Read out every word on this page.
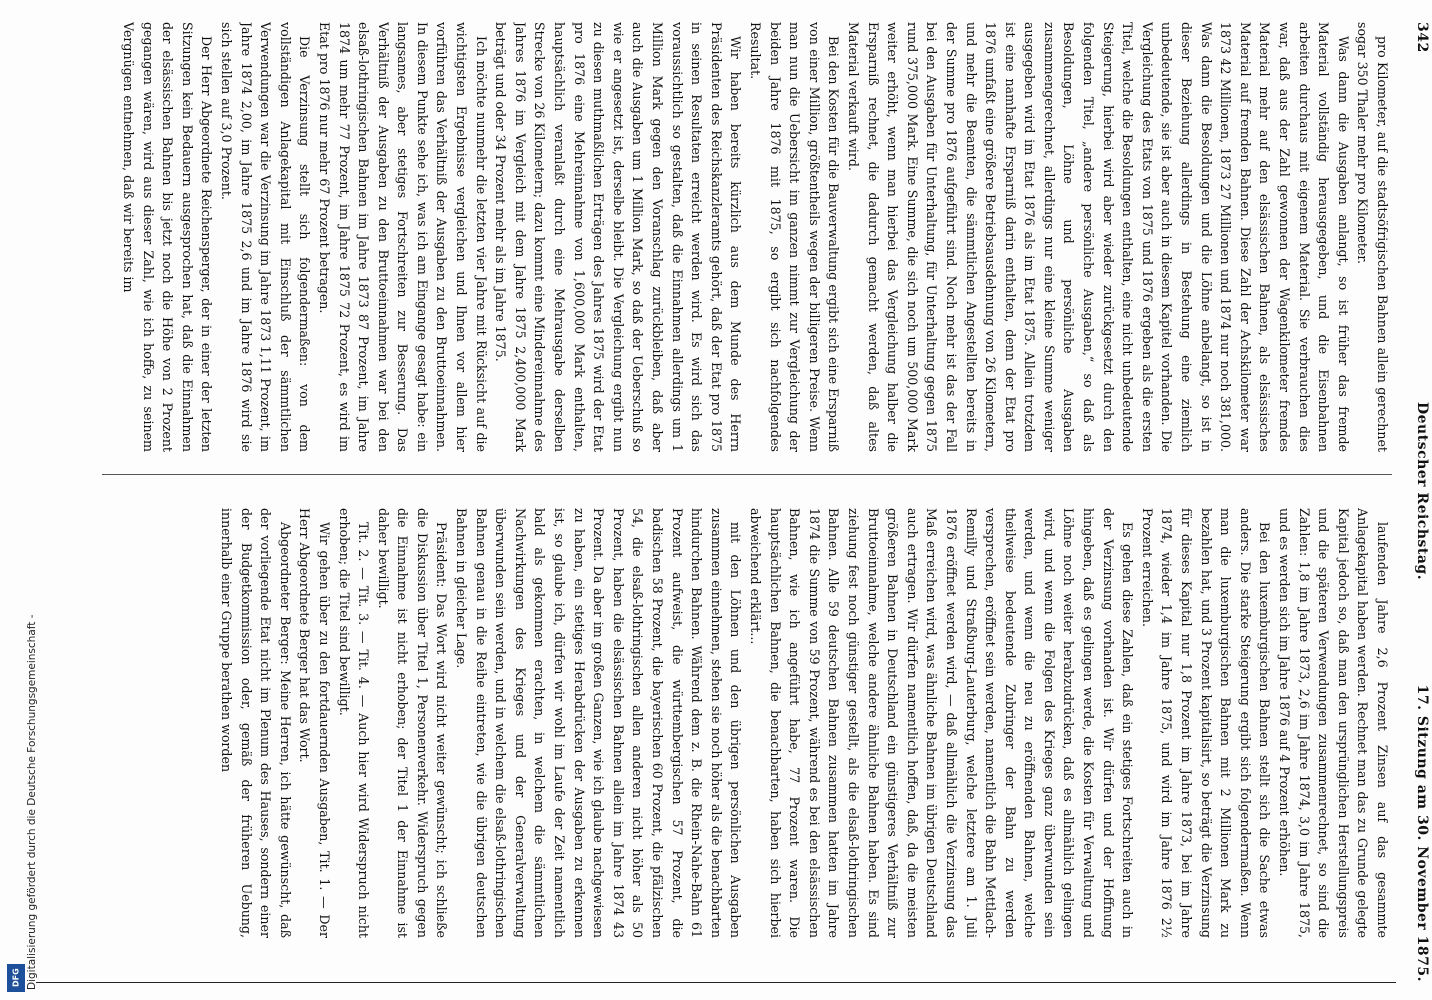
Digitalisierung gefördert durch die Deutsche Forschungsgemeinschaft -
DFG
342
Deutscher Reichstag.
17. Sitzung am 30. November 1875.

pro Kilometer, auf die stadtsöfrigischen Bahnen allein gerechnet sogar 350 Thaler mehr pro Kilometer.

Was dann die Ausgaben anlangt, so ist früher das fremde Material vollständig herausgegeben, und die Eisenbahnen arbeiten durchaus mit eigenem Material. Sie verbrauchen dies war, daß aus der Zahl gewonnen der Wagenkilometer fremdes Material mehr auf den elsässischen Bahnen, als elsässisches Material auf fremden Bahnen. Diese Zahl der Achskilometer war 1873 42 Millionen, 1873 27 Millionen und 1874 nur noch 381,000. Was dann die Besoldungen und die Löhne anbelangt, so ist in dieser Beziehung allerdings in Bestehung eine ziemlich unbedeutende, sie ist aber auch in diesem Kapitel vorhanden. Die Vergleichung des Etats von 1875 und 1876 ergeben als die ersten Titel, welche die Besoldungen enthalten, eine nicht unbedeutende Steigerung, hierbei wird aber wieder zurückgesetzt durch den folgenden Titel, „andere persönliche Ausgaben,“ so daß als Besoldungen, Löhne und persönliche Ausgaben zusammengerechnet, allerdings nur eine kleine Summe weniger ausgegeben wird im Etat 1876 als im Etat 1875. Allein trotzdem ist eine namhafte Ersparniß darin enthalten, denn der Etat pro 1876 umfaßt eine größere Betriebsausdehnung von 26 Kilometern, und mehr die Beamten, die sämmtlichen Angestellten bereits in der Summe pro 1876 aufgeführt sind. Noch mehr ist das der Fall bei den Ausgaben für Unterhaltung, für Unterhaltung gegen 1875 rund 375,000 Mark. Eine Summe, die sich noch um 500,000 Mark weiter erhöht, wenn man hierbei das Vergleichung halber die Ersparniß rechnet, die dadurch gemacht werden, daß altes Material verkauft wird.

Bei den Kosten für die Bauverwaltung ergibt sich eine Ersparniß von einer Million, größtentheils wegen der billigeren Preise. Wenn man nun die Uebersicht im ganzen nimmt zur Vergleichung der beiden Jahre 1876 mit 1875, so ergibt sich nachfolgendes Resultat.

Wir haben bereits kürzlich aus dem Munde des Herrn Präsidenten des Reichskanzleramts gehört, daß der Etat pro 1875 in seinen Resultaten erreicht werden wird. Es wird sich das voraussichtlich so gestalten, daß die Einnahmen allerdings um 1 Million Mark gegen den Voranschlag zurückbleiben, daß aber auch die Ausgaben um 1 Million Mark, so daß der Ueberschuß so wie er angesetzt ist, derselbe bleibt. Die Vergleichung ergibt nun zu diesen muthmaßlichen Erträgen des Jahres 1875 wird der Etat pro 1876 eine Mehreinnahme von 1,600,000 Mark enthalten, hauptsächlich veranlaßt durch eine Mehrausgabe derselben Strecke von 26 Kilometern; dazu kommt eine Mindereinnahme des Jahres 1876 im Vergleich mit dem Jahre 1875 2,400,000 Mark beträgt und oder 34 Prozent mehr als im Jahre 1875.

Ich möchte nunmehr die letzten vier Jahre mit Rücksicht auf die wichtigsten Ergebnisse vergleichen und Ihnen vor allem hier vorführen das Verhältniß der Ausgaben zu den Bruttoeinnahmen. In diesem Punkte sehe ich, was ich am Eingange gesagt habe: ein langsames, aber stetiges Fortschreiten zur Besserung. Das Verhältniß der Ausgaben zu den Bruttoeinnahmen war bei den elsaß-lothringischen Bahnen im Jahre 1873 87 Prozent, im Jahre 1874 um mehr 77 Prozent, im Jahre 1875 72 Prozent, es wird im Etat pro 1876 nur mehr 67 Prozent betragen.

Die Verzinsung stellt sich folgendermaßen: von dem vollständigen Anlagekapital mit Einschluß der sämmtlichen Verwendungen war die Verzinsung im Jahre 1873 1,11 Prozent, im Jahre 1874 2,00, im Jahre 1875 2,6 und im Jahre 1876 wird sie sich stellen auf 3,0 Prozent.

Der Herr Abgeordnete Reichensperger, der in einer der letzten Sitzungen kein Bedauern ausgesprochen hat, daß die Einnahmen der elsässischen Bahnen bis jetzt noch die Höhe von 2 Prozent gegangen wären, wird aus dieser Zahl, wie ich hoffe, zu seinem Vergnügen entnehmen, daß wir bereits im

laufenden Jahre 2,6 Prozent Zinsen auf das gesammte Anlagekapital haben werden. Rechnet man das zu Grunde gelegte Kapital jedoch so, daß man den ursprünglichen Herstellungspreis und die späteren Verwendungen zusammenrechnet, so sind die Zahlen: 1,8 im Jahre 1873, 2,6 im Jahre 1874, 3,0 im Jahre 1875, und es werden sich im Jahre 1876 auf 4 Prozent erhöhen.

Bei den luxemburgischen Bahnen stellt sich die Sache etwas anders. Die starke Steigerung ergibt sich folgendermaßen. Wenn man die luxemburgischen Bahnen mit 2 Millionen Mark zu bezahlen hat, und 3 Prozent kapitalisirt, so beträgt die Verzinsung für dieses Kapital nur 1,8 Prozent im Jahre 1873, bei im Jahre 1874, wieder 1,4 im Jahre 1875, und wird im Jahre 1876 2½ Prozent erreichen.

Es gehen diese Zahlen, daß ein stetiges Fortschreiten auch in der Verzinsung vorhanden ist. Wir dürfen und der Hoffnung hingeben, daß es gelingen werde, die Kosten für Verwaltung und Löhne noch weiter herabzudrücken, daß es allmählich gelingen wird, und wenn die Folgen des Krieges ganz überwunden sein werden, und wenn die neu zu eröffnenden Bahnen, welche theilweise bedeutende Zubringer der Bahn zu werden versprechen, eröffnet sein werden, namentlich die Bahn Mettlach-Remilly und Straßburg-Lauterburg, welche letztere am 1. Juli 1876 eröffnet werden wird, — daß allmählich die Verzinsung das Maß erreichen wird, was ähnliche Bahnen im übrigen Deutschland auch ertragen. Wir dürfen namentlich hoffen, daß, da die meisten größeren Bahnen in Deutschland ein günstigeres Verhältniß zur Bruttoeinnahme, welche andere ähnliche Bahnen haben. Es sind ziehung fest noch günstiger gestellt, als die elsaß-lothringischen Bahnen. Alle 59 deutschen Bahnen zusammen hatten im Jahre 1874 die Summe von 59 Prozent, während es bei den elsässischen Bahnen, wie ich angeführt habe, 77 Prozent waren. Die hauptsächlichen Bahnen, die benachbarten, haben sich hierbei abweichend erklärt...

mit den Löhnen und den übrigen persönlichen Ausgaben zusammen einnehmen, stehen sie noch höher als die benachbarten hindurchen Bahnen. Während dem z. B. die Rhein-Nahe-Bahn 61 Prozent aufweist, die württembergischen 57 Prozent, die badischen 58 Prozent, die bayerischen 60 Prozent, die pfälzischen 54, die elsaß-lothringischen allen anderen nicht höher als 50 Prozent, haben die elsässischen Bahnen allein im Jahre 1874 43 Prozent. Da aber im großen Ganzen, wie ich glaube nachgewiesen zu haben, ein stetiges Herabdrücken der Ausgaben zu erkennen ist, so glaube ich, dürfen wir wohl im Laufe der Zeit namentlich bald als gekommen erachten, in welchem die sämmtlichen Nachwirkungen des Krieges und der Generalverwaltung überwunden sein werden, und in welchem die elsaß-lothringischen Bahnen genau in die Reihe eintreten, wie die übrigen deutschen Bahnen in gleicher Lage.

Präsident: Das Wort wird nicht weiter gewünscht; ich schließe die Diskussion über Titel 1, Personenverkehr. Widerspruch gegen die Einnahme ist nicht erhoben; der Titel 1 der Einnahme ist daher bewilligt.

Tit. 2. — Tit. 3. — Tit. 4. — Auch hier wird Widerspruch nicht erhoben; die Titel sind bewilligt.

Wir gehen über zu den fortdauernden Ausgaben, Tit. 1. — Der Herr Abgeordnete Berger hat das Wort.

Abgeordneter Berger: Meine Herren, ich hätte gewünscht, daß der vorliegende Etat nicht im Plenum des Hauses, sondern einer der Budgetkommission oder, gemäß der früheren Uebung, innerhalb einer Gruppe berathen worden
